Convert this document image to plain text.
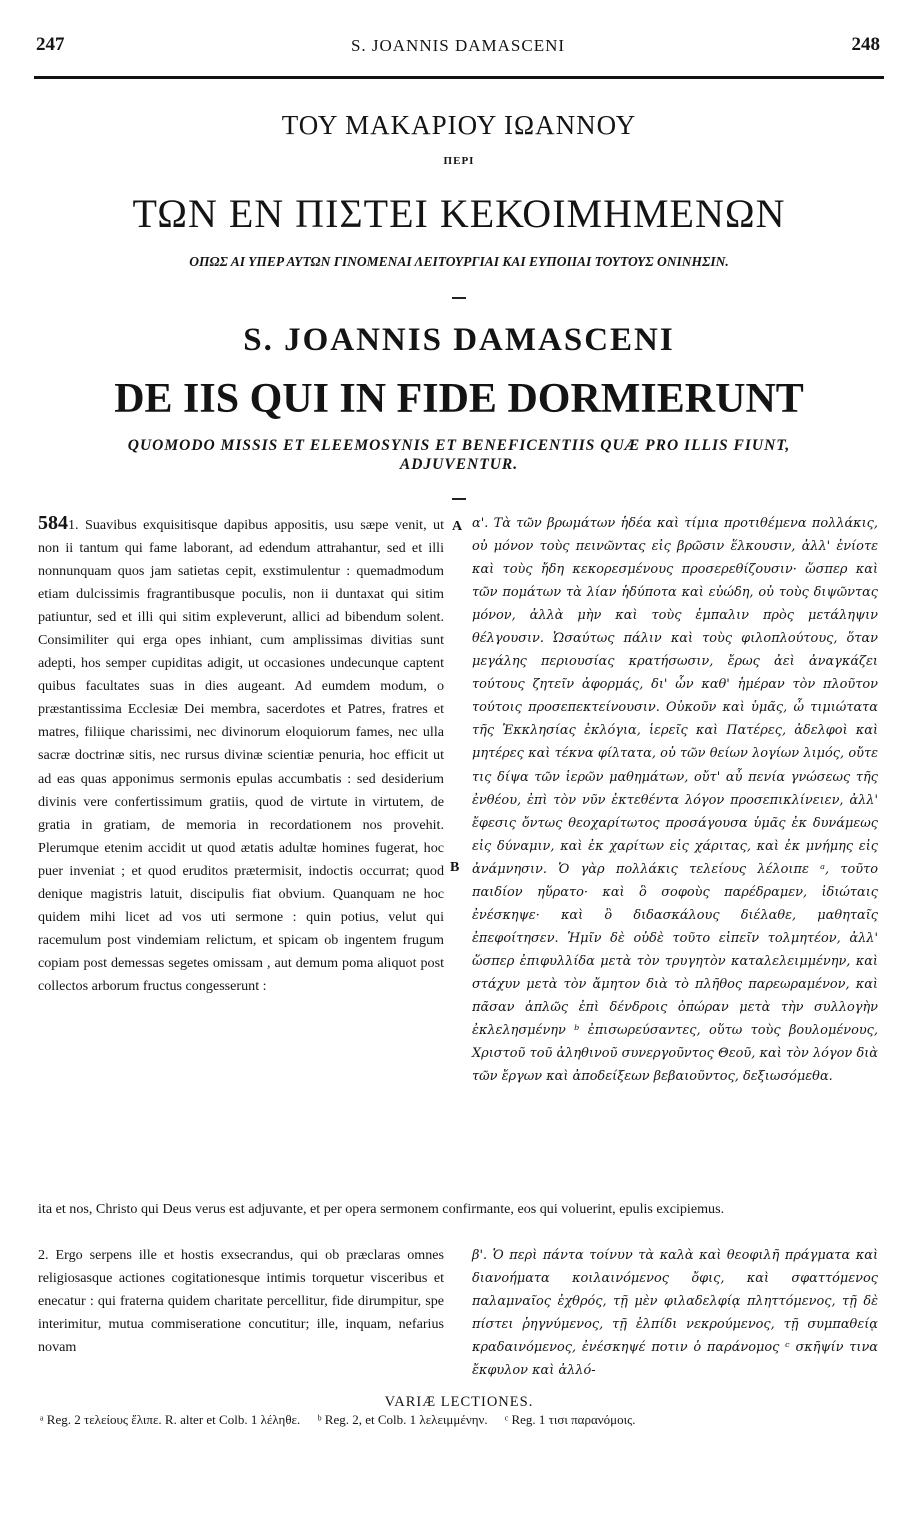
247	S. JOANNIS DAMASCENI	248
ΤΟΥ ΜΑΚΑΡΙΟΥ ΙΩΑΝΝΟΥ
ΠΕΡΙ
ΤΩΝ ΕΝ ΠΙΣΤΕΙ ΚΕΚΟΙΜΗΜΕΝΩΝ
ΟΠΩΣ ΑΙ ΥΠΕΡ ΑΥΤΩΝ ΓΙΝΟΜΕΝΑΙ ΛΕΙΤΟΥΡΓΙΑΙ ΚΑΙ ΕΥΠΟΙΙΑΙ ΤΟΥΤΟΥΣ ΟΝΙΝΗΣΙΝ.
S. JOANNIS DAMASCENI
DE IIS QUI IN FIDE DORMIERUNT
QUOMODO MISSIS ET ELEEMOSYNIS ET BENEFICENTIIS QUÆ PRO ILLIS FIUNT,
ADJUVENTUR.
A
B

5841. Suavibus exquisitisque dapibus appositis, usu sæpe venit, ut non ii tantum qui fame laborant, ad edendum attrahantur, sed et illi nonnunquam quos jam satietas cepit, exstimulentur : quemadmodum etiam dulcissimis fragrantibusque poculis, non ii duntaxat qui sitim patiuntur, sed et illi qui sitim expleverunt, allici ad bibendum solent. Consimiliter qui erga opes inhiant, cum amplissimas divitias sunt adepti, hos semper cupiditas adigit, ut occasiones undecunque captent quibus facultates suas in dies augeant. Ad eumdem modum, o præstantissima Ecclesiæ Dei membra, sacerdotes et Patres, fratres et matres, filiique charissimi, nec divinorum eloquiorum fames, nec ulla sacræ doctrinæ sitis, nec rursus divinæ scientiæ penuria, hoc efficit ut ad eas quas apponimus sermonis epulas accumbatis : sed desiderium divinis vere confertissimum gratiis, quod de virtute in virtutem, de gratia in gratiam, de memoria in recordationem nos provehit. Plerumque etenim accidit ut quod ætatis adultæ homines fugerat, hoc puer inveniat ; et quod eruditos prætermisit, indoctis occurrat; quod denique magistris latuit, discipulis fiat obvium. Quanquam ne hoc quidem mihi licet ad vos uti sermone : quin potius, velut qui racemulum post vindemiam relictum, et spicam ob ingentem frugum copiam post demessas segetes omissam , aut demum poma aliquot post collectos arborum fructus congesserunt :

α'. Τὰ τῶν βρωμάτων ἡδέα καὶ τίμια προτιθέμενα πολλάκις, οὐ μόνον τοὺς πεινῶντας εἰς βρῶσιν ἕλκουσιν, ἀλλ' ἐνίοτε καὶ τοὺς ἤδη κεκορεσμένους προσερεθίζουσιν· ὥσπερ καὶ τῶν πομάτων τὰ λίαν ἡδύποτα καὶ εὐώδη, οὐ τοὺς διψῶντας μόνον, ἀλλὰ μὴν καὶ τοὺς ἐμπαλιν πρὸς μετάληψιν θέλγουσιν. Ὡσαύτως πάλιν καὶ τοὺς φιλοπλούτους, ὅταν μεγάλης περιουσίας κρατήσωσιν, ἔρως ἀεὶ ἀναγκάζει τούτους ζητεῖν ἀφορμάς, δι' ὧν καθ' ἡμέραν τὸν πλοῦτον τούτοις προσεπεκτείνουσιν. Οὐκοῦν καὶ ὑμᾶς, ὦ τιμιώτατα τῆς Ἐκκλησίας ἐκλόγια, ἱερεῖς καὶ Πατέρες, ἀδελφοὶ καὶ μητέρες καὶ τέκνα φίλτατα, οὐ τῶν θείων λογίων λιμός, οὔτε τις δίψα τῶν ἱερῶν μαθημάτων, οὔτ' αὖ πενία γνώσεως τῆς ἐνθέου, ἐπὶ τὸν νῦν ἐκτεθέντα λόγον προσεπικλίνειεν, ἀλλ' ἔφεσις ὄντως θεοχαρίτωτος προσάγουσα ὑμᾶς ἐκ δυνάμεως εἰς δύναμιν, καὶ ἐκ χαρίτων εἰς χάριτας, καὶ ἐκ μνήμης εἰς ἀνάμνησιν. Ὁ γὰρ πολλάκις τελείους λέλοιπε ᵃ, τοῦτο παιδίον ηὕρατο· καὶ ὃ σοφοὺς παρέδραμεν, ἰδιώταις ἐνέσκηψε· καὶ ὃ διδασκάλους διέλαθε, μαθηταῖς ἐπεφοίτησεν. Ἡμῖν δὲ οὐδὲ τοῦτο εἰπεῖν τολμητέον, ἀλλ' ὥσπερ ἐπιφυλλίδα μετὰ τὸν τρυγητὸν καταλελειμμένην, καὶ στάχυν μετὰ τὸν ἄμητον διὰ τὸ πλῆθος παρεωραμένον, καὶ πᾶσαν ἁπλῶς ἐπὶ δένδροις ὀπώραν μετὰ τὴν συλλογὴν ἐκλελησμένην ᵇ ἐπισωρεύσαντες, οὕτω τοὺς βουλομένους, Χριστοῦ τοῦ ἀληθινοῦ συνεργοῦντος Θεοῦ, καὶ τὸν λόγον διὰ τῶν ἔργων καὶ ἀποδείξεων βεβαιοῦντος, δεξιωσόμεθα.

ita et nos, Christo qui Deus verus est adjuvante, et per opera sermonem confirmante, eos qui voluerint, epulis excipiemus.

2. Ergo serpens ille et hostis exsecrandus, qui ob præclaras omnes religiosasque actiones cogitationesque intimis torquetur visceribus et enecatur : qui fraterna quidem charitate percellitur, fide dirumpitur, spe interimitur, mutua commiseratione concutitur; ille, inquam, nefarius novam

β'. Ὁ περὶ πάντα τοίνυν τὰ καλὰ καὶ θεοφιλῆ πράγματα καὶ διανοήματα κοιλαινόμενος ὄφις, καὶ σφαττόμενος παλαμναῖος ἐχθρός, τῇ μὲν φιλαδελφίᾳ πληττόμενος, τῇ δὲ πίστει ῥηγνύμενος, τῇ ἐλπίδι νεκρούμενος, τῇ συμπαθείᾳ κραδαινόμενος, ἐνέσκηψέ ποτιν ὁ παράνομος ᶜ σκῆψίν τινα ἔκφυλον καὶ ἀλλό-

VARIÆ LECTIONES.
ᵃ Reg. 2 τελείους ἔλιπε. R. alter et Colb. 1 λέληθε. ᵇ Reg. 2, et Colb. 1 λελειμμένην. ᶜ Reg. 1 τισι παρανόμοις.
